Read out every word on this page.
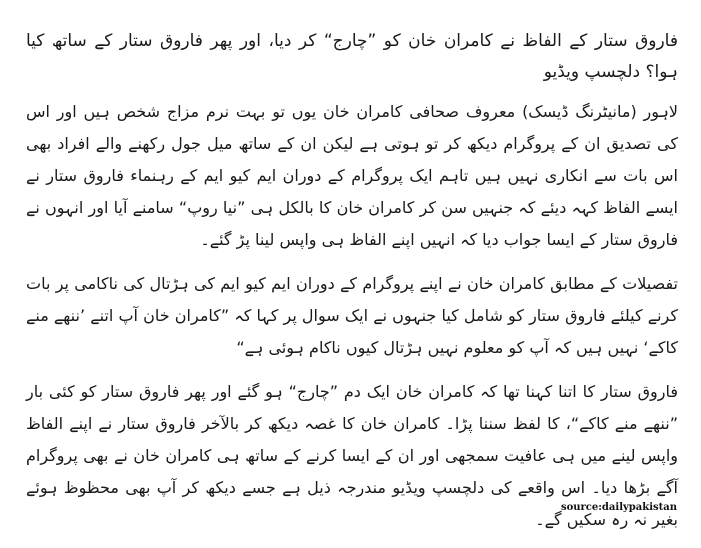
فاروق ستار کے الفاظ نے کامران خان کو ”چارج“ کر دیا، اور پھر فاروق ستار کے ساتھ کیا ہوا؟ دلچسپ ویڈیو

لاہور (مانیٹرنگ ڈیسک) معروف صحافی کامران خان یوں تو بہت نرم مزاج شخص ہیں اور اس کی تصدیق ان کے پروگرام دیکھ کر تو ہوتی ہے لیکن ان کے ساتھ میل جول رکھنے والے افراد بھی اس بات سے انکاری نہیں ہیں تاہم ایک پروگرام کے دوران ایم کیو ایم کے رہنماء فاروق ستار نے ایسے الفاظ کہہ دیئے کہ جنہیں سن کر کامران خان کا بالکل ہی ”نیا روپ“ سامنے آیا اور انہوں نے فاروق ستار کے ایسا جواب دیا کہ انہیں اپنے الفاظ ہی واپس لینا پڑ گئے۔

تفصیلات کے مطابق کامران خان نے اپنے پروگرام کے دوران ایم کیو ایم کی ہڑتال کی ناکامی پر بات کرنے کیلئے فاروق ستار کو شامل کیا جنہوں نے ایک سوال پر کہا کہ ”کامران خان آپ اتنے ’ننھے منے کاکے‘ نہیں ہیں کہ آپ کو معلوم نہیں ہڑتال کیوں ناکام ہوئی ہے“

فاروق ستار کا اتنا کہنا تھا کہ کامران خان ایک دم ”چارج“ ہو گئے اور پھر فاروق ستار کو کئی بار ”ننھے منے کاکے“، کا لفظ سننا پڑا۔ کامران خان کا غصہ دیکھ کر بالآخر فاروق ستار نے اپنے الفاظ واپس لینے میں ہی عافیت سمجھی اور ان کے ایسا کرنے کے ساتھ ہی کامران خان نے بھی پروگرام آگے بڑھا دیا۔ اس واقعے کی دلچسپ ویڈیو مندرجہ ذیل ہے جسے دیکھ کر آپ بھی محظوظ ہوئے بغیر نہ رہ سکیں گے۔

source:dailypakistan
